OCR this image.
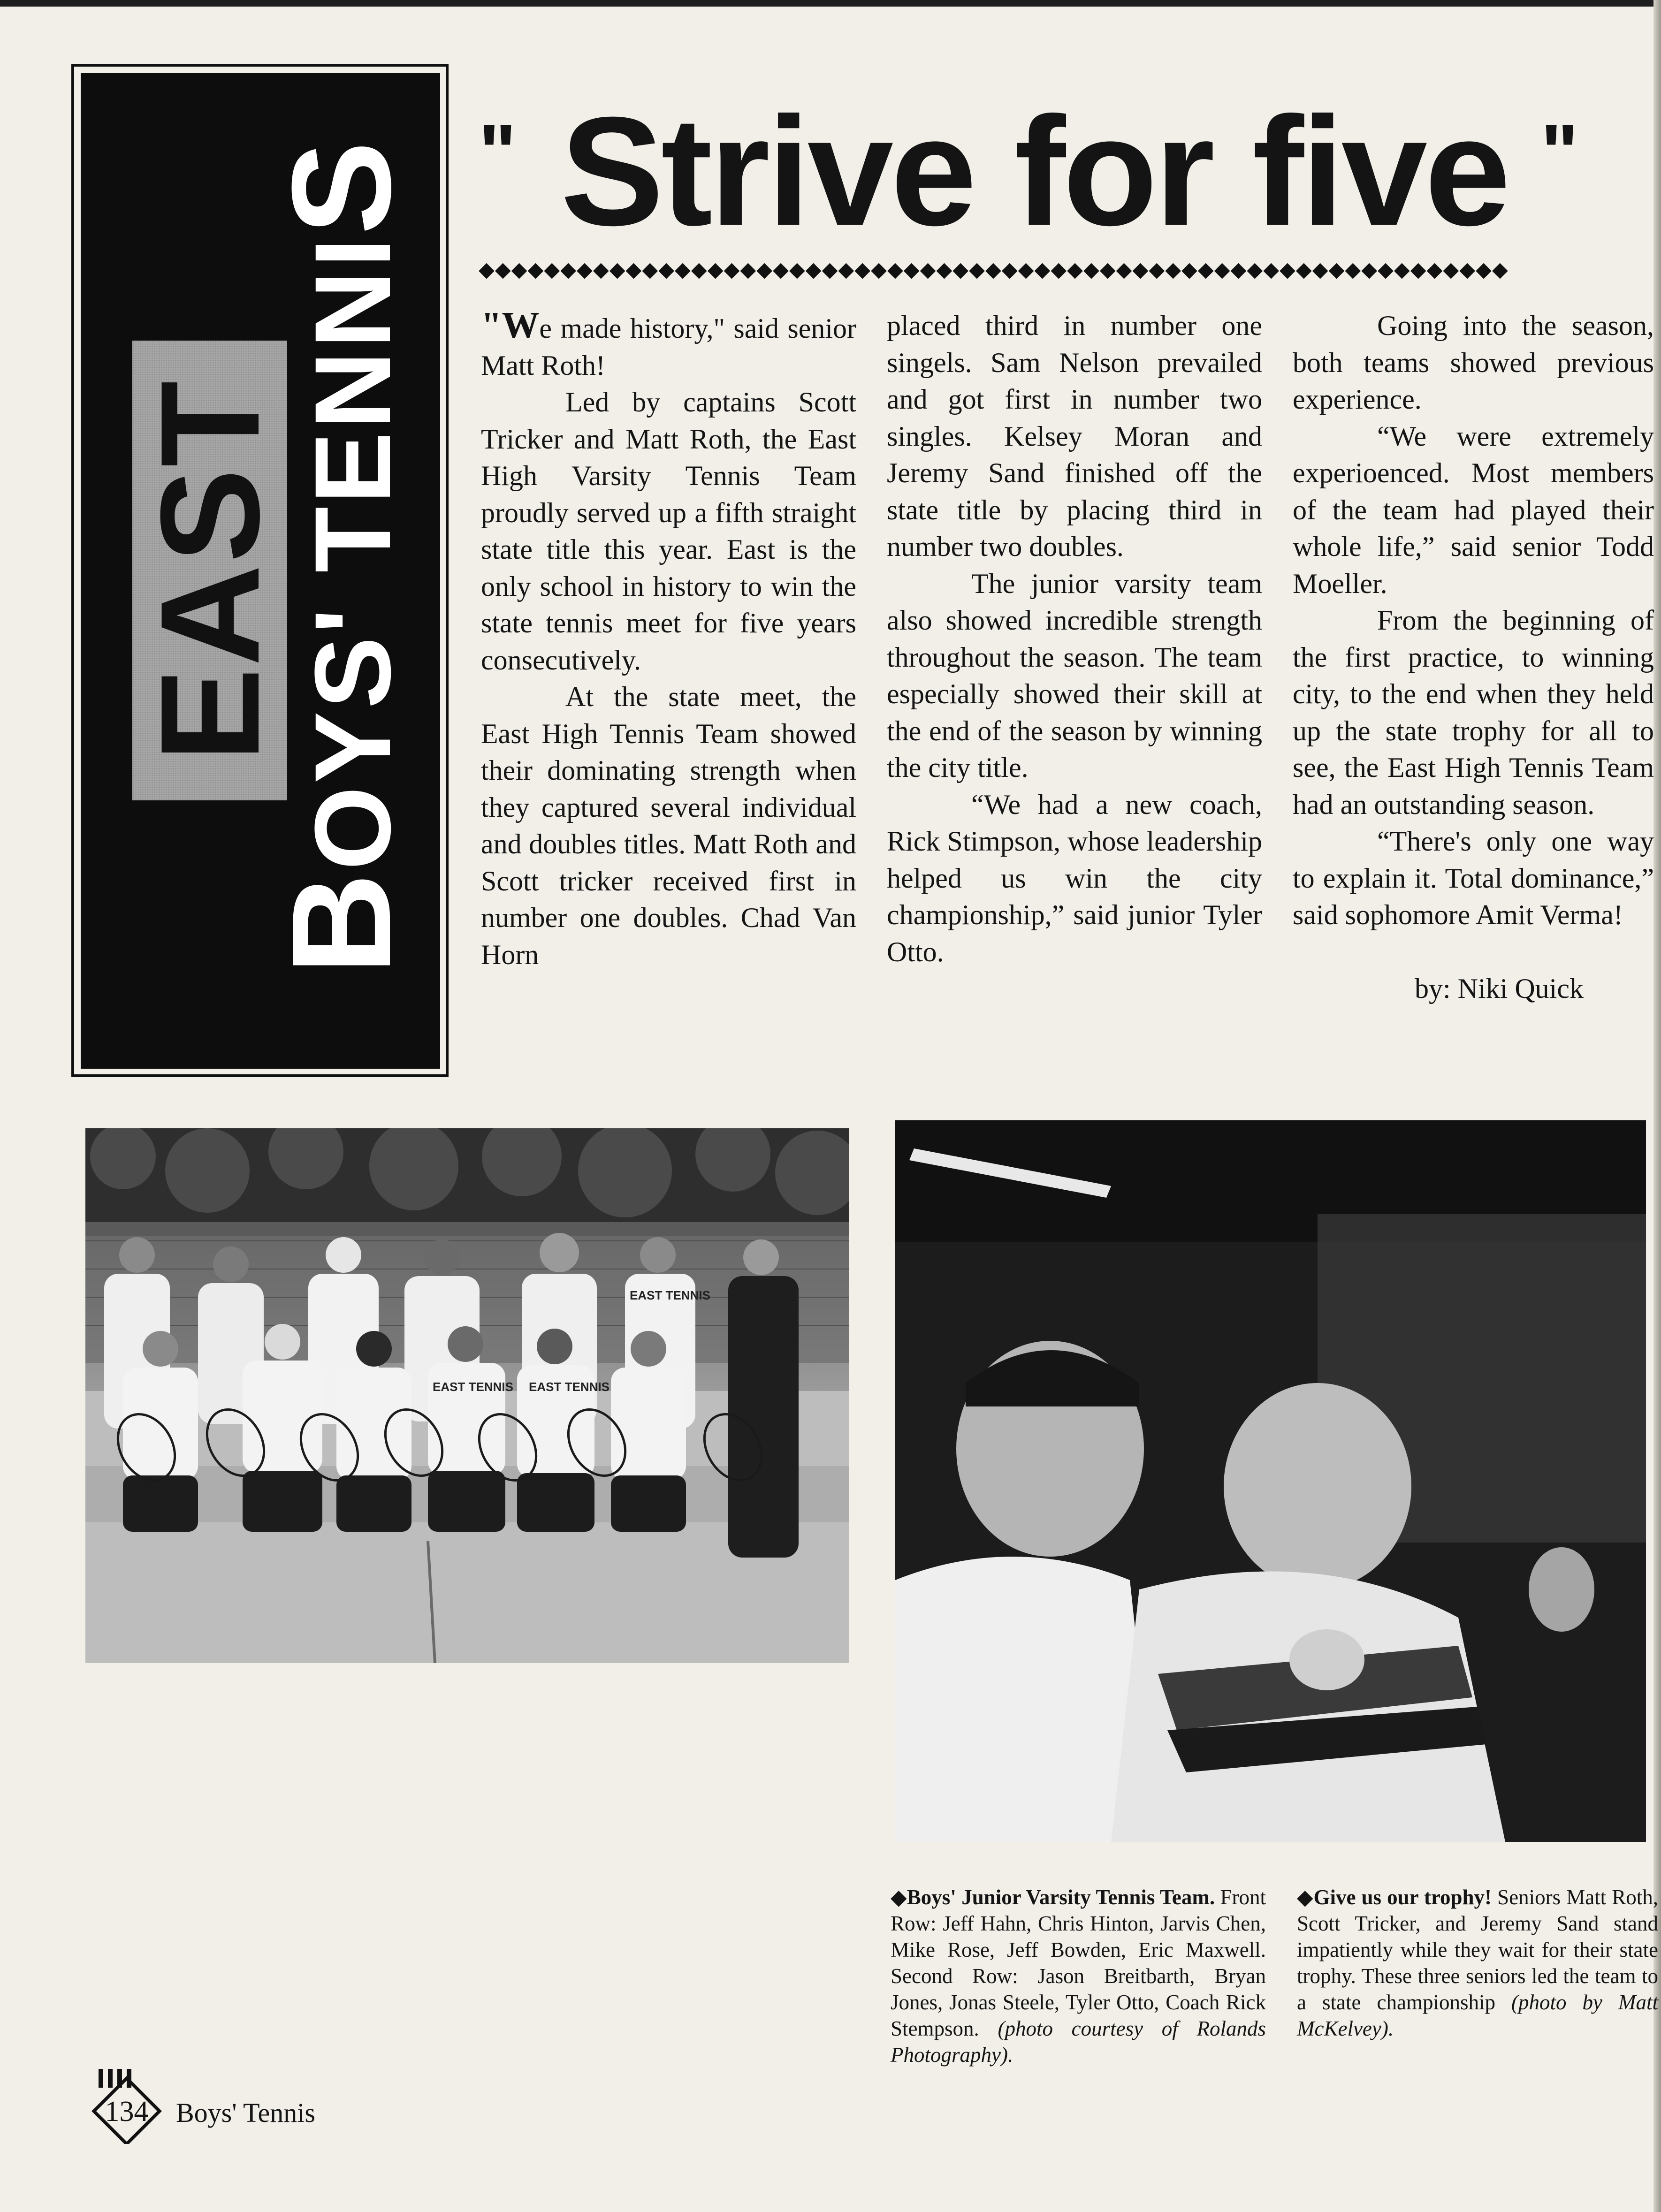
EAST
BOYS' TENNIS " Strive for five "
◆◆◆◆◆◆◆◆◆◆◆◆◆◆◆◆◆◆◆◆◆◆◆◆◆◆◆◆◆◆◆◆◆◆◆◆◆◆◆◆◆◆◆◆◆◆◆◆◆◆◆◆◆◆◆◆◆◆◆◆◆◆◆

"We made history," said senior Matt Roth!

Led by captains Scott Tricker and Matt Roth, the East High Varsity Tennis Team proudly served up a fifth straight state title this year. East is the only school in history to win the state tennis meet for five years consecutively.

At the state meet, the East High Tennis Team showed their dominating strength when they captured several individual and doubles titles. Matt Roth and Scott tricker received first in number one doubles. Chad Van Horn

placed third in number one singels. Sam Nelson prevailed and got first in number two singles. Kelsey Moran and Jeremy Sand finished off the state title by placing third in number two doubles.

The junior varsity team also showed incredible strength throughout the season. The team especially showed their skill at the end of the season by winning the city title.

“We had a new coach, Rick Stimpson, whose leadership helped us win the city championship,” said junior Tyler Otto.

Going into the season, both teams showed previous experience.

“We were extremely experioenced. Most members of the team had played their whole life,” said senior Todd Moeller.

From the beginning of the first practice, to winning city, to the end when they held up the state trophy for all to see, the East High Tennis Team had an outstanding season.

“There's only one way to explain it. Total dominance,” said sophomore Amit Verma!

by: Niki Quick

EAST TENNIS EAST TENNIS
EAST TENNIS
◆Boys' Junior Varsity Tennis Team. Front Row: Jeff Hahn, Chris Hinton, Jarvis Chen, Mike Rose, Jeff Bowden, Eric Maxwell. Second Row: Jason Breitbarth, Bryan Jones, Jonas Steele, Tyler Otto, Coach Rick Stempson. (photo courtesy of Rolands Photography).
◆Give us our trophy! Seniors Matt Roth, Scott Tricker, and Jeremy Sand stand impatiently while they wait for their state trophy. These three seniors led the team to a state championship (photo by Matt McKelvey).
134	Boys' Tennis
